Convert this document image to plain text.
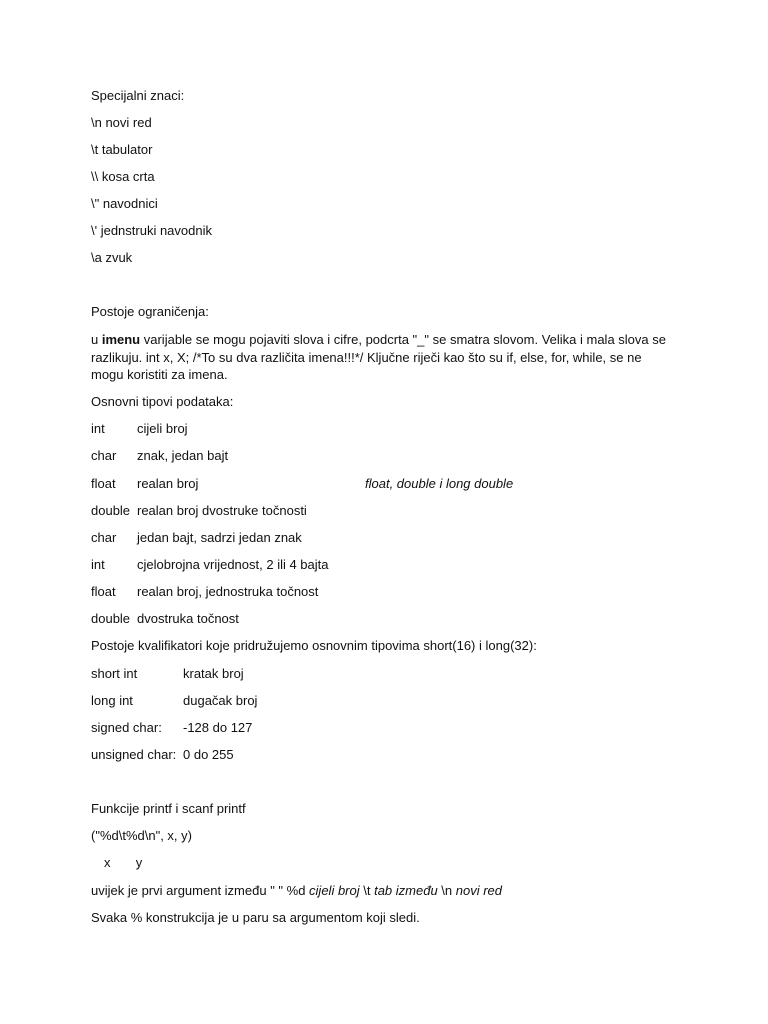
Specijalni znaci:
\n novi red
\t tabulator
\\ kosa crta
\" navodnici
\' jednstruki navodnik
\a zvuk
Postoje ograničenja:
u imenu varijable se mogu pojaviti slova i cifre, podcrta "_" se smatra slovom. Velika i mala slova se razlikuju. int x, X; /*To su dva različita imena!!!*/ Ključne riječi kao što su if, else, for, while, se ne mogu koristiti za imena.
Osnovni tipovi podataka:
int cijeli broj
char znak, jedan bajt
float realan broj	float, double i long double
double realan broj dvostruke točnosti
char jedan bajt, sadrzi jedan znak
int cjelobrojna vrijednost, 2 ili 4 bajta
float realan broj, jednostruka točnost
double dvostruka točnost
Postoje kvalifikatori koje pridružujemo osnovnim tipovima short(16) i long(32):
short int	kratak broj
long int	dugačak broj
signed char: -128 do 127
unsigned char: 0 do 255
Funkcije printf i scanf printf
("%d\t%d\n", x, y)
x       y
uvijek je prvi argument između " " %d cijeli broj \t tab između \n novi red
Svaka % konstrukcija je u paru sa argumentom koji sledi.
